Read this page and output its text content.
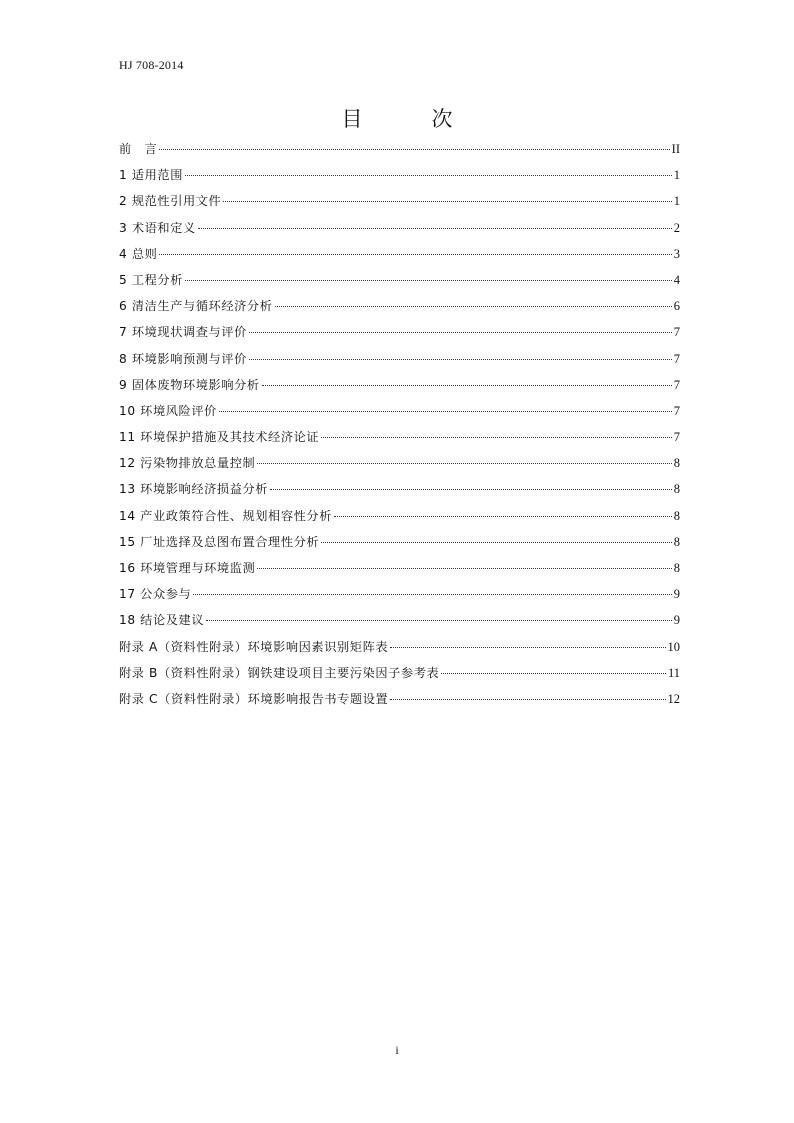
HJ 708-2014
目　次
前　言	II
1 适用范围	1
2 规范性引用文件	1
3 术语和定义	2
4 总则	3
5 工程分析	4
6 清洁生产与循环经济分析	6
7 环境现状调查与评价	7
8 环境影响预测与评价	7
9 固体废物环境影响分析	7
10 环境风险评价	7
11 环境保护措施及其技术经济论证	7
12 污染物排放总量控制	8
13 环境影响经济损益分析	8
14 产业政策符合性、规划相容性分析	8
15 厂址选择及总图布置合理性分析	8
16 环境管理与环境监测	8
17 公众参与	9
18 结论及建议	9
附录 A（资料性附录）环境影响因素识别矩阵表	10
附录 B（资料性附录）钢铁建设项目主要污染因子参考表	11
附录 C（资料性附录）环境影响报告书专题设置	12
i
